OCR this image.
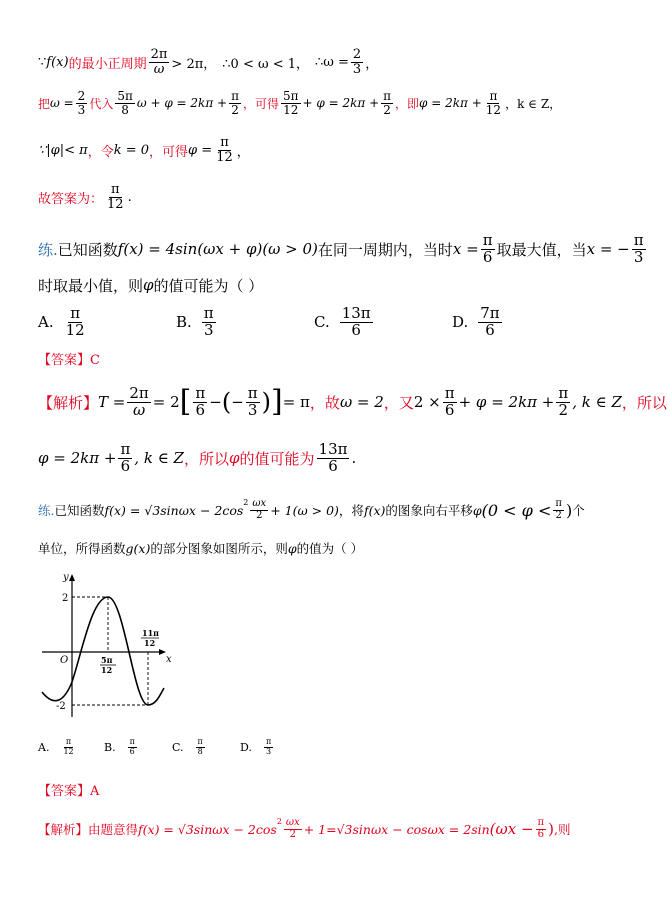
∵ f(x) 的最小正周期 $\frac{2\pi}{\omega} > 2\pi$， ∴0 < ω < 1， ∴ω = $\frac{2}{3}$ ，
把 $\omega = \frac{2}{3}$ 代入 $\frac{5\pi}{8}$ $\omega + \varphi = 2k\pi + \frac{\pi}{2}$ ，可得 $\frac{5\pi}{12} + \varphi = 2k\pi + \frac{\pi}{2}$ ，即 $\varphi = 2k\pi + \frac{\pi}{12}$ ，k ∈ Z，
∵|φ|< π ，令 k = 0 ，可得 $\varphi = \frac{\pi}{12}$ ，
故答案为： $\frac{\pi}{12}$ .
练. 已知函数 f(x) = 4sin(ωx + φ)(ω > 0) 在同一周期内，当时 $x = \frac{\pi}{6}$ 取最大值，当 x = − $\frac{\pi}{3}$
时取最小值，则 φ 的值可能为（ ）
A. $\frac{\pi}{12}$	B. $\frac{\pi}{3}$	C. $\frac{13\pi}{6}$	D. $\frac{7\pi}{6}$
【答案】C
【解析】 $T = \frac{2\pi}{\omega} = 2$ [ $\frac{\pi}{6}$ − ( − $\frac{\pi}{3}$ ) ] = π ，故 ω = 2 ，又 $2 \times \frac{\pi}{6} + \varphi = 2k\pi + \frac{\pi}{2}$ , k ∈ Z ，所以
$\varphi = 2k\pi + \frac{\pi}{6}$ , k ∈ Z ，所以 φ 的值可能为 $\frac{13\pi}{6}$ .
练. 已知函数 $f(x) = √3\sin\omega x - 2\cos^2 \frac{\omega x}{2} + 1(\omega > 0)$ ，将 f(x) 的图象向右平移 φ ($0 < \varphi < \frac{\pi}{2}$ ) 个
单位，所得函数 g(x) 的部分图象如图所示，则 φ 的值为（ ）
y
x
O
2
-2
5π
12
11π
12
A. $\frac{\pi}{12}$	B. $\frac{\pi}{6}$	C. $\frac{\pi}{8}$	D. $\frac{\pi}{3}$
【答案】A
【解析】 由题意得 $f(x) = √3\sin\omega x - 2\cos^2 \frac{\omega x}{2} + 1=√3\sin\omega x - \cos\omega x = 2\sin$ ($\omega x - \frac{\pi}{6}$ ) ,则
